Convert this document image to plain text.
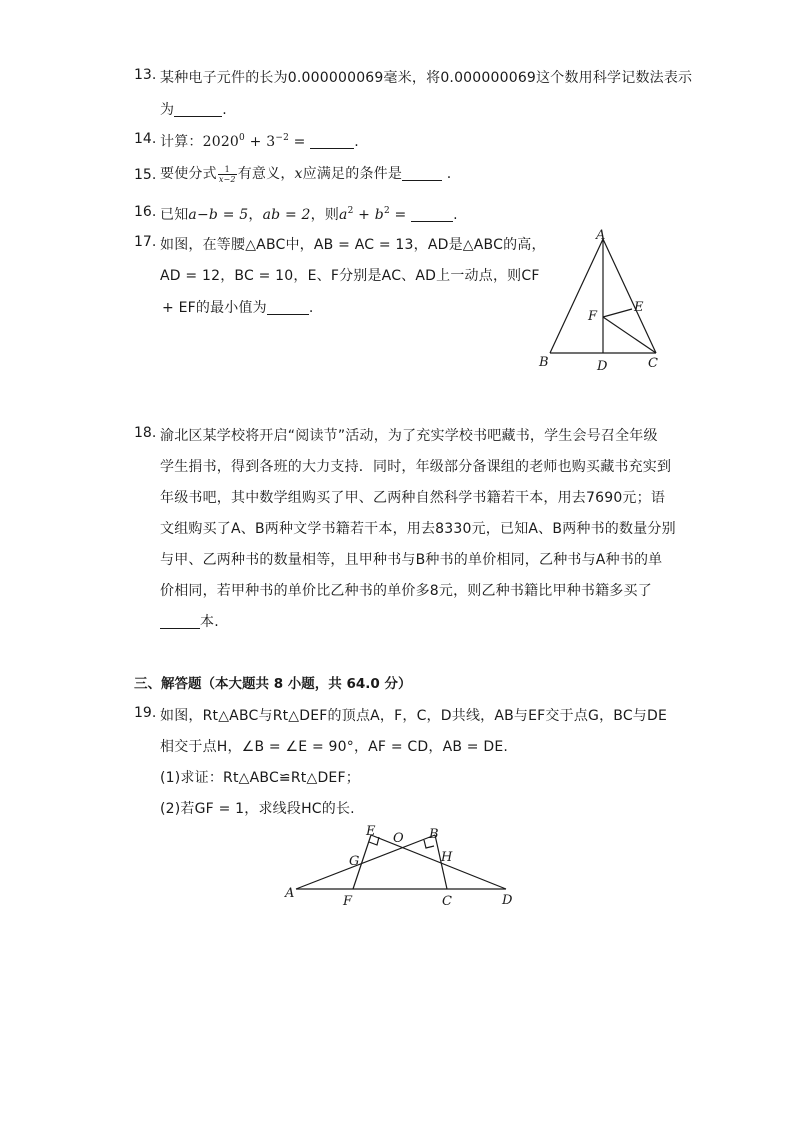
13. 某种电子元件的长为0.000000069毫米，将0.000000069这个数用科学记数法表示
为	.
14. 计算：$2020^0 + 3^{-2}$ =	.
15. 要使分式 $\frac{1}{x-2}$ 有意义，x应满足的条件是	.
16. 已知a−b = 5，ab = 2，则$a^2 + b^2$ =	.
17. 如图，在等腰△ABC中，AB = AC = 13，AD是△ABC的高，
AD = 12，BC = 10，E、F分别是AC、AD上一动点，则CF
+ EF的最小值为	.
A
B	C
D
E
F
18. 渝北区某学校将开启“阅读节”活动，为了充实学校书吧藏书，学生会号召全年级
学生捐书，得到各班的大力支持．同时，年级部分备课组的老师也购买藏书充实到
年级书吧，其中数学组购买了甲、乙两种自然科学书籍若干本，用去7690元；语
文组购买了A、B两种文学书籍若干本，用去8330元，已知A、B两种书的数量分别
与甲、乙两种书的数量相等，且甲种书与B种书的单价相同，乙种书与A种书的单
价相同，若甲种书的单价比乙种书的单价多8元，则乙种书籍比甲种书籍多买了
本.
三、解答题（本大题共 8 小题，共 64.0 分）
19. 如图，Rt△ABC与Rt△DEF的顶点A，F，C，D共线，AB与EF交于点G，BC与DE
相交于点H，∠B = ∠E = 90°，AF = CD，AB = DE.
(1)求证：Rt△ABC≌Rt△DEF；
(2)若GF = 1，求线段HC的长.
A
F	C	D
E O B
G	H
